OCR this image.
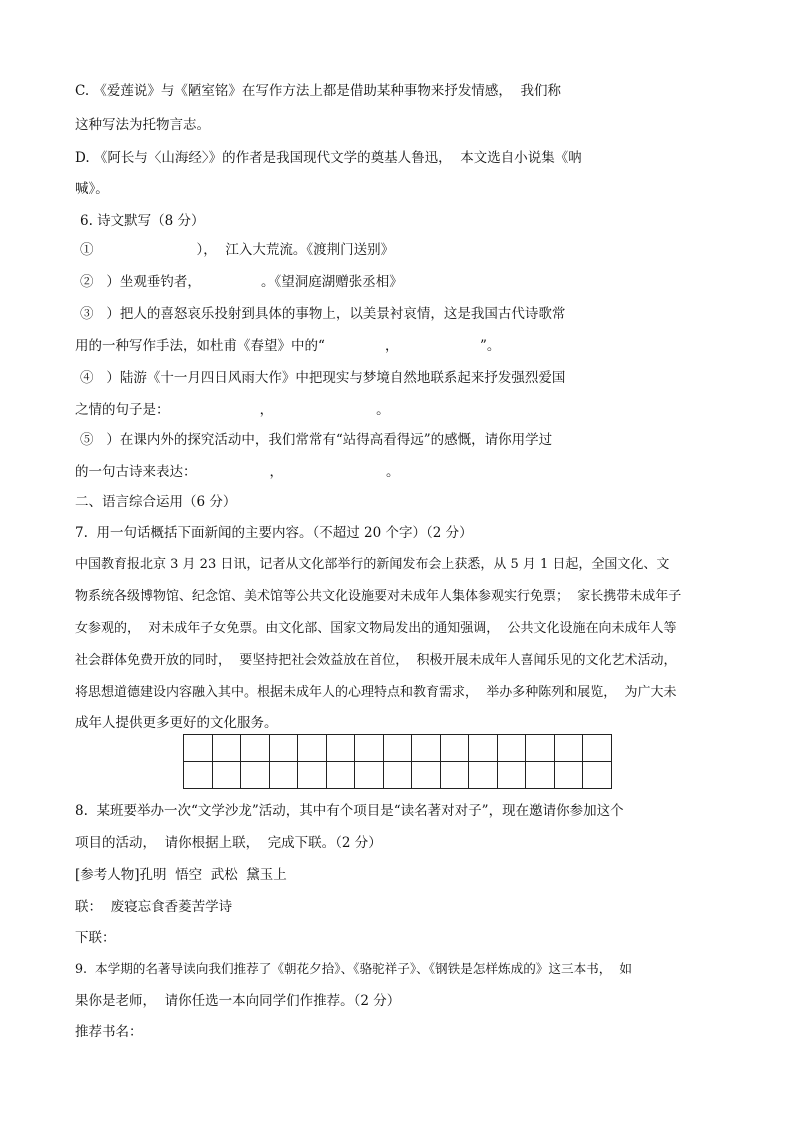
C. 《爱莲说》与《陋室铭》在写作方法上都是借助某种事物来抒发情感，  我们称
这种写法为托物言志。
D. 《阿长与〈山海经〉》的作者是我国现代文学的奠基人鲁迅，  本文选自小说集《呐
喊》。
6. 诗文默写（8 分）
①                        ），  江入大荒流。《渡荆门送别》
②   ）坐观垂钓者，              。《望洞庭湖赠张丞相》
③   ）把人的喜怒哀乐投射到具体的事物上，以美景衬哀情，这是我国古代诗歌常
用的一种写作手法，如杜甫《春望》中的“              ，                   ”。
④   ）陆游《十一月四日风雨大作》中把现实与梦境自然地联系起来抒发强烈爱国
之情的句子是：                     ，                        。
⑤   ）在课内外的探究活动中，我们常常有“站得高看得远”的感慨，请你用学过
的一句古诗来表达：                 ，                        。
二、语言综合运用（6 分）
7.  用一句话概括下面新闻的主要内容。（不超过 20 个字）（2 分）
中国教育报北京 3 月 23 日讯，记者从文化部举行的新闻发布会上获悉，从 5 月 1 日起，全国文化、文
物系统各级博物馆、纪念馆、美术馆等公共文化设施要对未成年人集体参观实行免票；  家长携带未成年子
女参观的，  对未成年子女免票。由文化部、国家文物局发出的通知强调，  公共文化设施在向未成年人等
社会群体免费开放的同时，  要坚持把社会效益放在首位，  积极开展未成年人喜闻乐见的文化艺术活动，
将思想道德建设内容融入其中。根据未成年人的心理特点和教育需求，  举办多种陈列和展览，  为广大未
成年人提供更多更好的文化服务。

8.  某班要举办一次“文学沙龙”活动，其中有个项目是“读名著对对子”，现在邀请你参加这个
项目的活动，  请你根据上联，  完成下联。（2 分）
[参考人物]孔明  悟空  武松  黛玉上
联：  废寝忘食香菱苦学诗
下联：
9.  本学期的名著导读向我们推荐了《朝花夕拾》、《骆驼祥子》、《钢铁是怎样炼成的》这三本书，  如
果你是老师，  请你任选一本向同学们作推荐。（2 分）
推荐书名：
